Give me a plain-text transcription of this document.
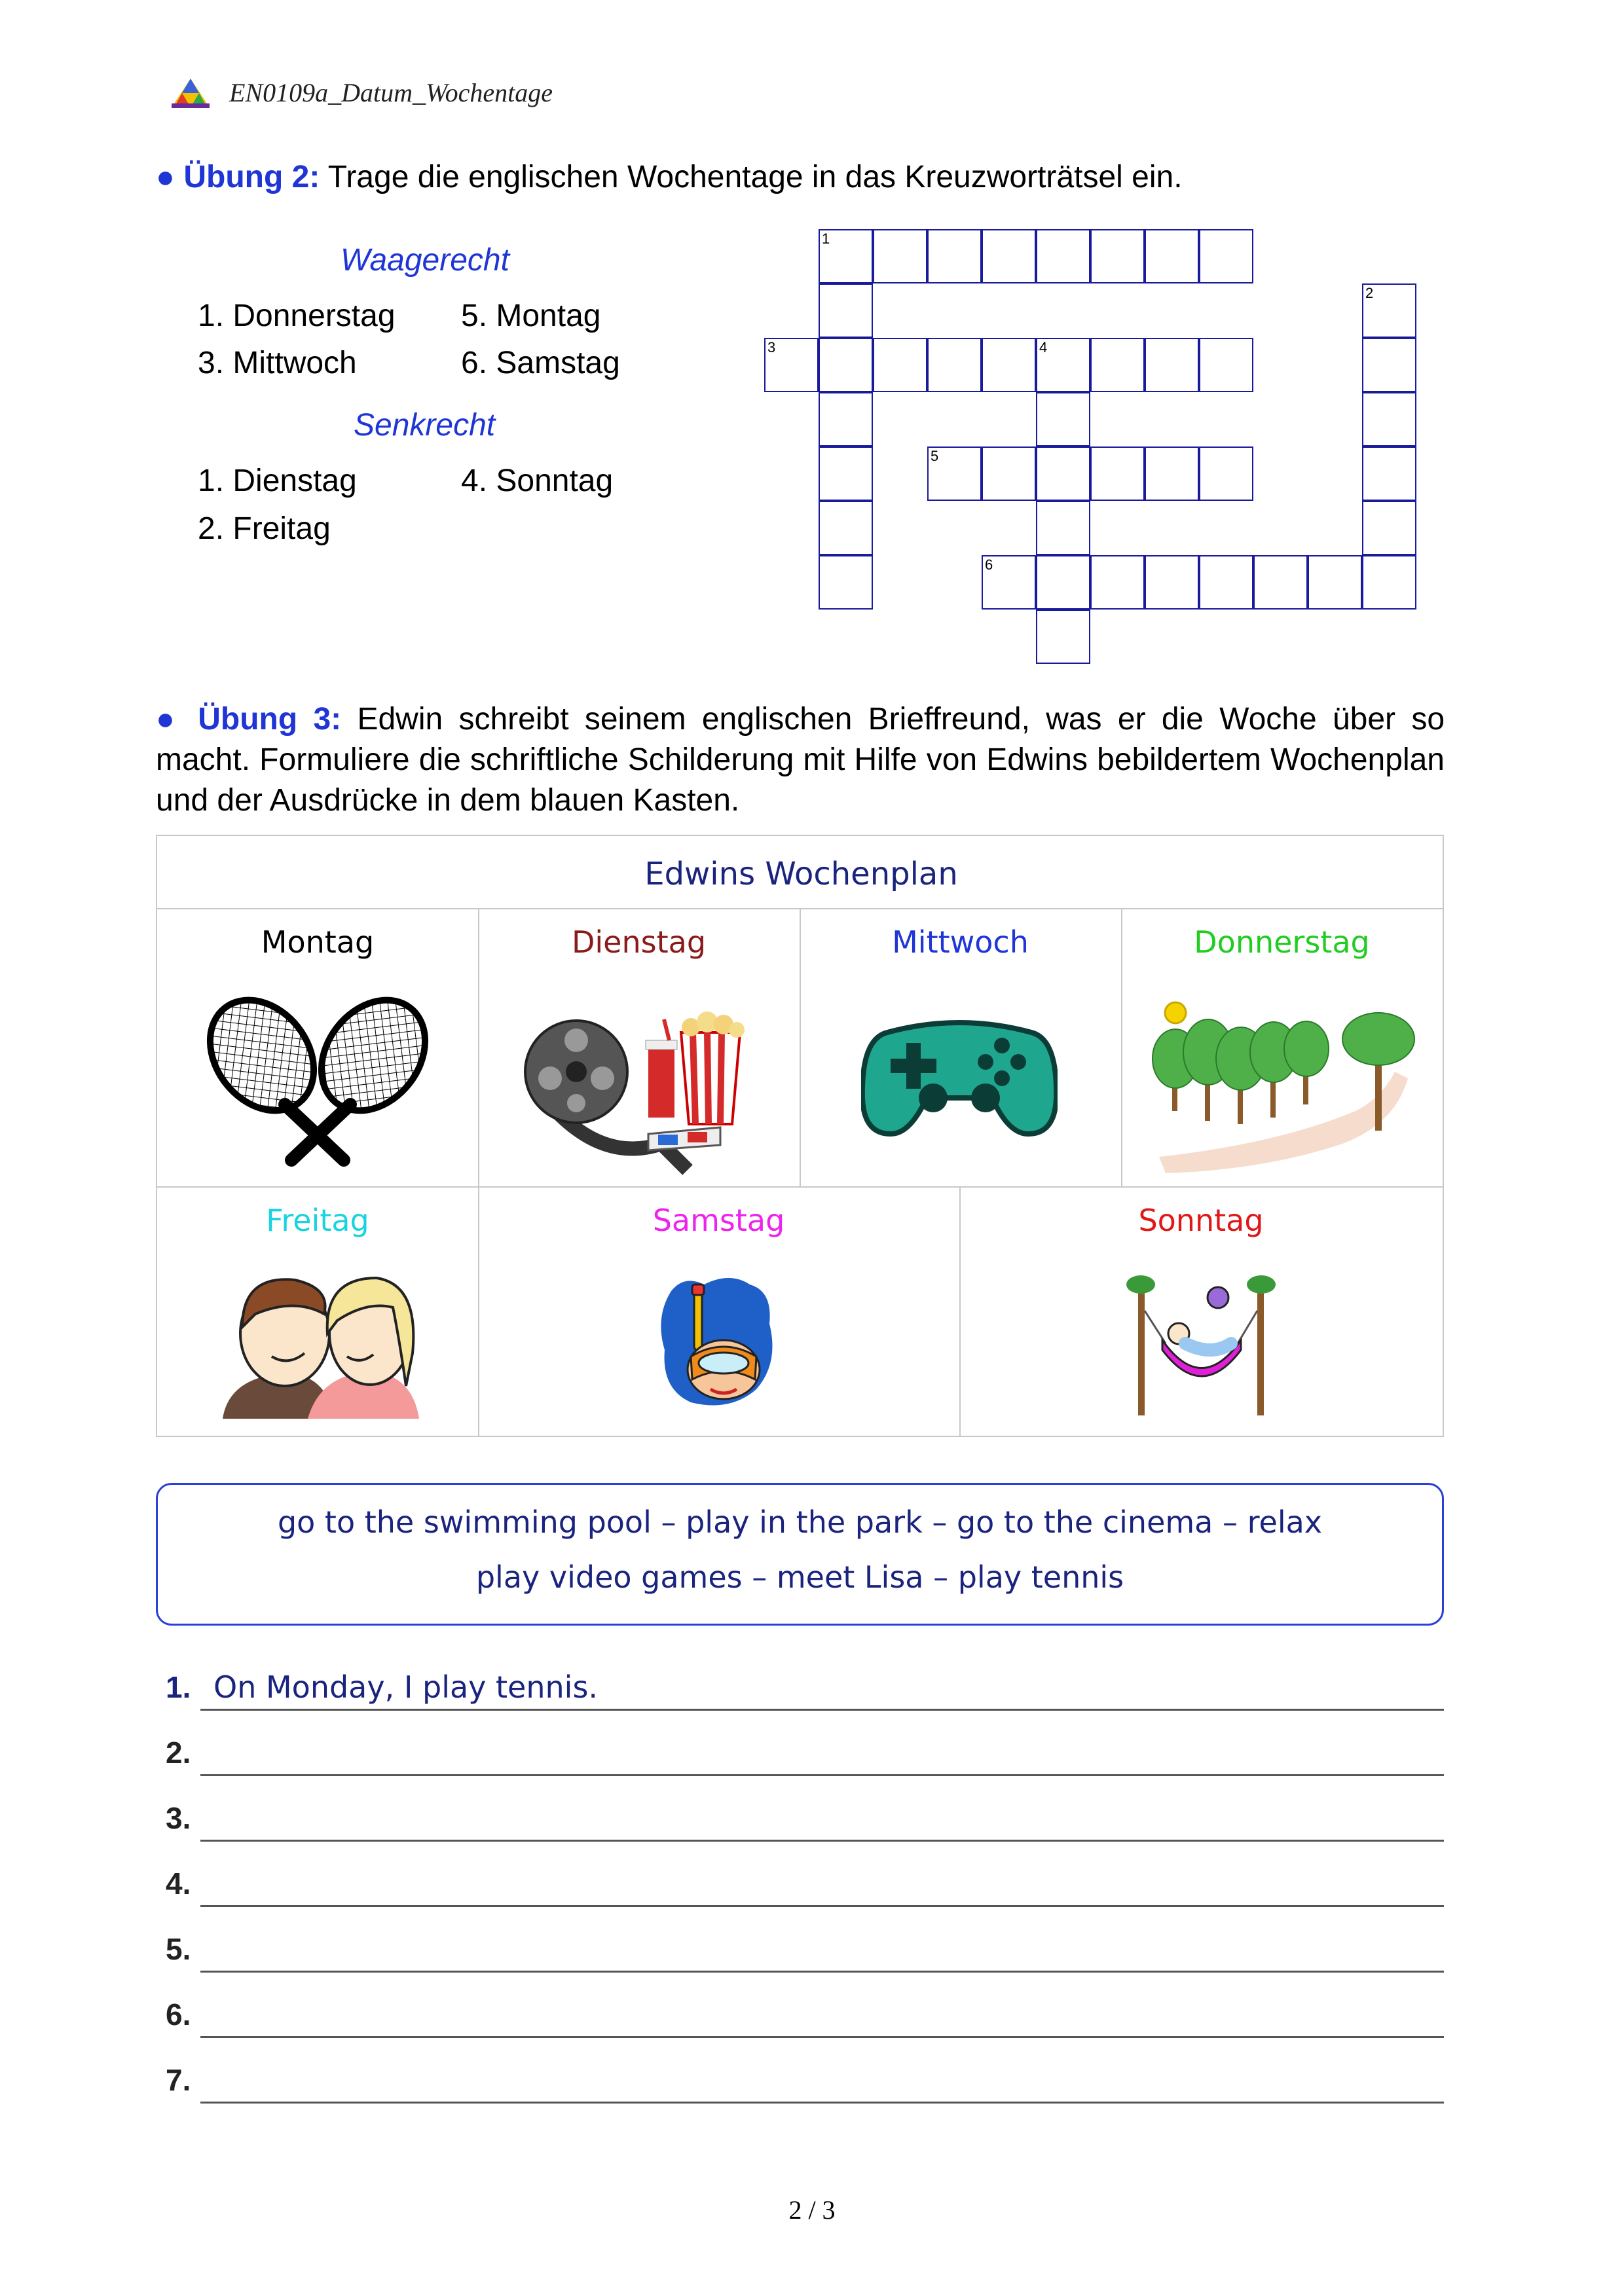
EN0109a_Datum_Wochentage
● Übung 2: Trage die englischen Wochentage in das Kreuzworträtsel ein.
Waagerecht
1. Donnerstag 5. Montag
3. Mittwoch	6. Samstag
Senkrecht
1. Dienstag	4. Sonntag
2. Freitag
1
2
3	4
5
6
● Übung 3: Edwin schreibt seinem englischen Brieffreund, was er die Woche über so macht. Formuliere die schriftliche Schilderung mit Hilfe von Edwins bebildertem Wochenplan und der Ausdrücke in dem blauen Kasten.
Edwins Wochenplan
Montag	Dienstag	Mittwoch	Donnerstag
Freitag	Samstag	Sonntag
go to the swimming pool – play in the park – go to the cinema – relax
play video games – meet Lisa – play tennis
1. On Monday, I play tennis.
2.
3.
4.
5.
6.
7.
2 / 3
